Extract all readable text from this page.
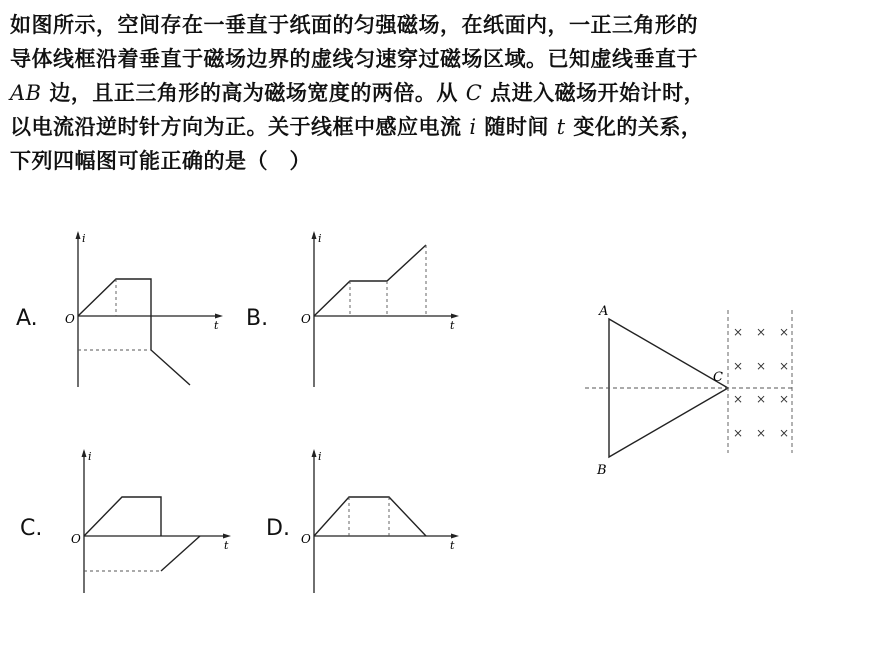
如图所示，空间存在一垂直于纸面的匀强磁场，在纸面内，一正三角形的
导体线框沿着垂直于磁场边界的虚线匀速穿过磁场区域。已知虚线垂直于
AB 边，且正三角形的高为磁场宽度的两倍。从 C 点进入磁场开始计时，
以电流沿逆时针方向为正。关于线框中感应电流 i 随时间 t 变化的关系，
下列四幅图可能正确的是（　）
A.	B.
C.	D.
i
O	t
i
O	t
i
O	t
i
O	t
× × ×
× × ×
× × ×
× × ×
A
B
C
